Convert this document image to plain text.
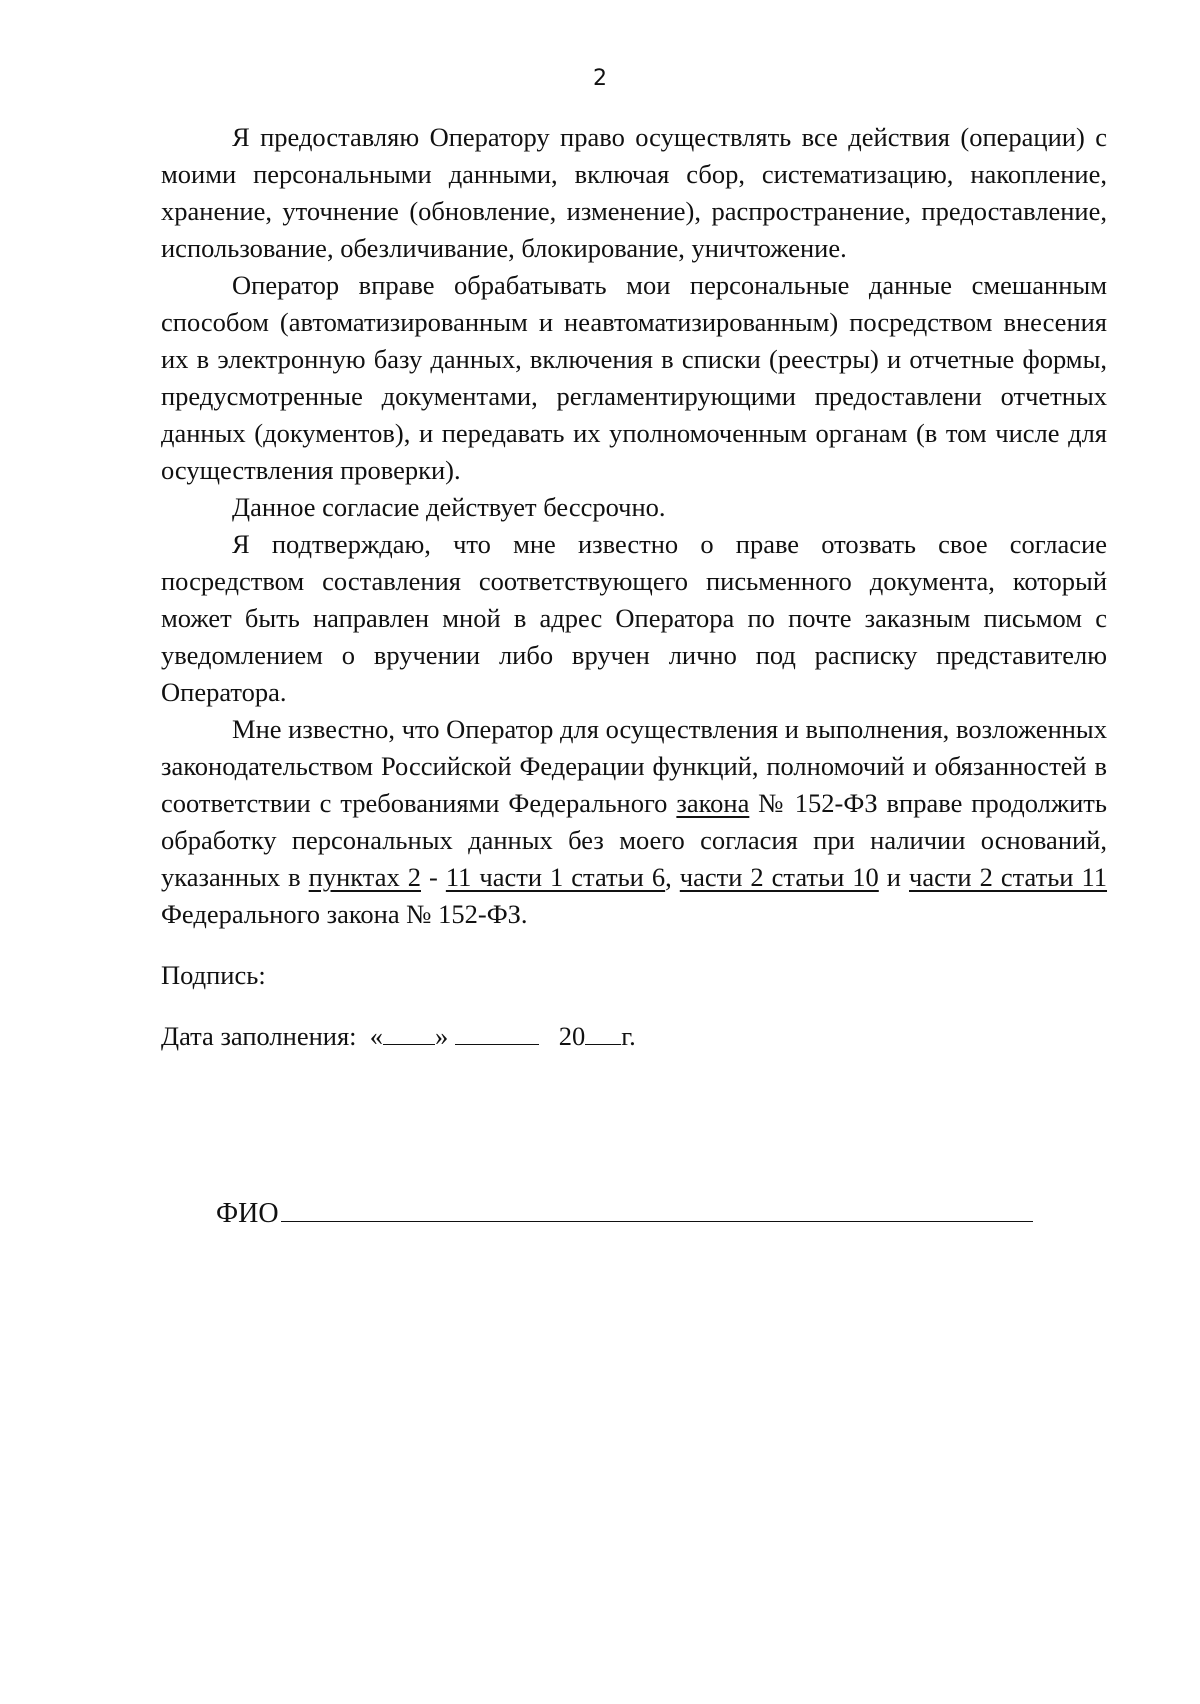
2

Я предоставляю Оператору право осуществлять все действия (операции) с моими персональными данными, включая сбор, систематизацию, накопление, хранение, уточнение (обновление, изменение), распространение, предоставление, использование, обезличивание, блокирование, уничтожение.

Оператор вправе обрабатывать мои персональные данные смешанным способом (автоматизированным и неавтоматизированным) посредством внесения их в электронную базу данных, включения в списки (реестры) и отчетные формы, предусмотренные документами, регламентирующими предоставлени отчетных данных (документов), и передавать их уполномоченным органам (в том числе для осуществления проверки).

Данное согласие действует бессрочно.

Я подтверждаю, что мне известно о праве отозвать свое согласие посредством составления соответствующего письменного документа, который может быть направлен мной в адрес Оператора по почте заказным письмом с уведомлением о вручении либо вручен лично под расписку представителю Оператора.

Мне известно, что Оператор для осуществления и выполнения, возложенных законодательством Российской Федерации функций, полномочий и обязанностей в соответствии с требованиями Федерального закона № 152-ФЗ вправе продолжить обработку персональных данных без моего согласия при наличии оснований, указанных в пунктах 2 - 11 части 1 статьи 6, части 2 статьи 10 и части 2 статьи 11 Федерального закона № 152-ФЗ.

Подпись:

Дата заполнения: « »	20 г.

ФИО
